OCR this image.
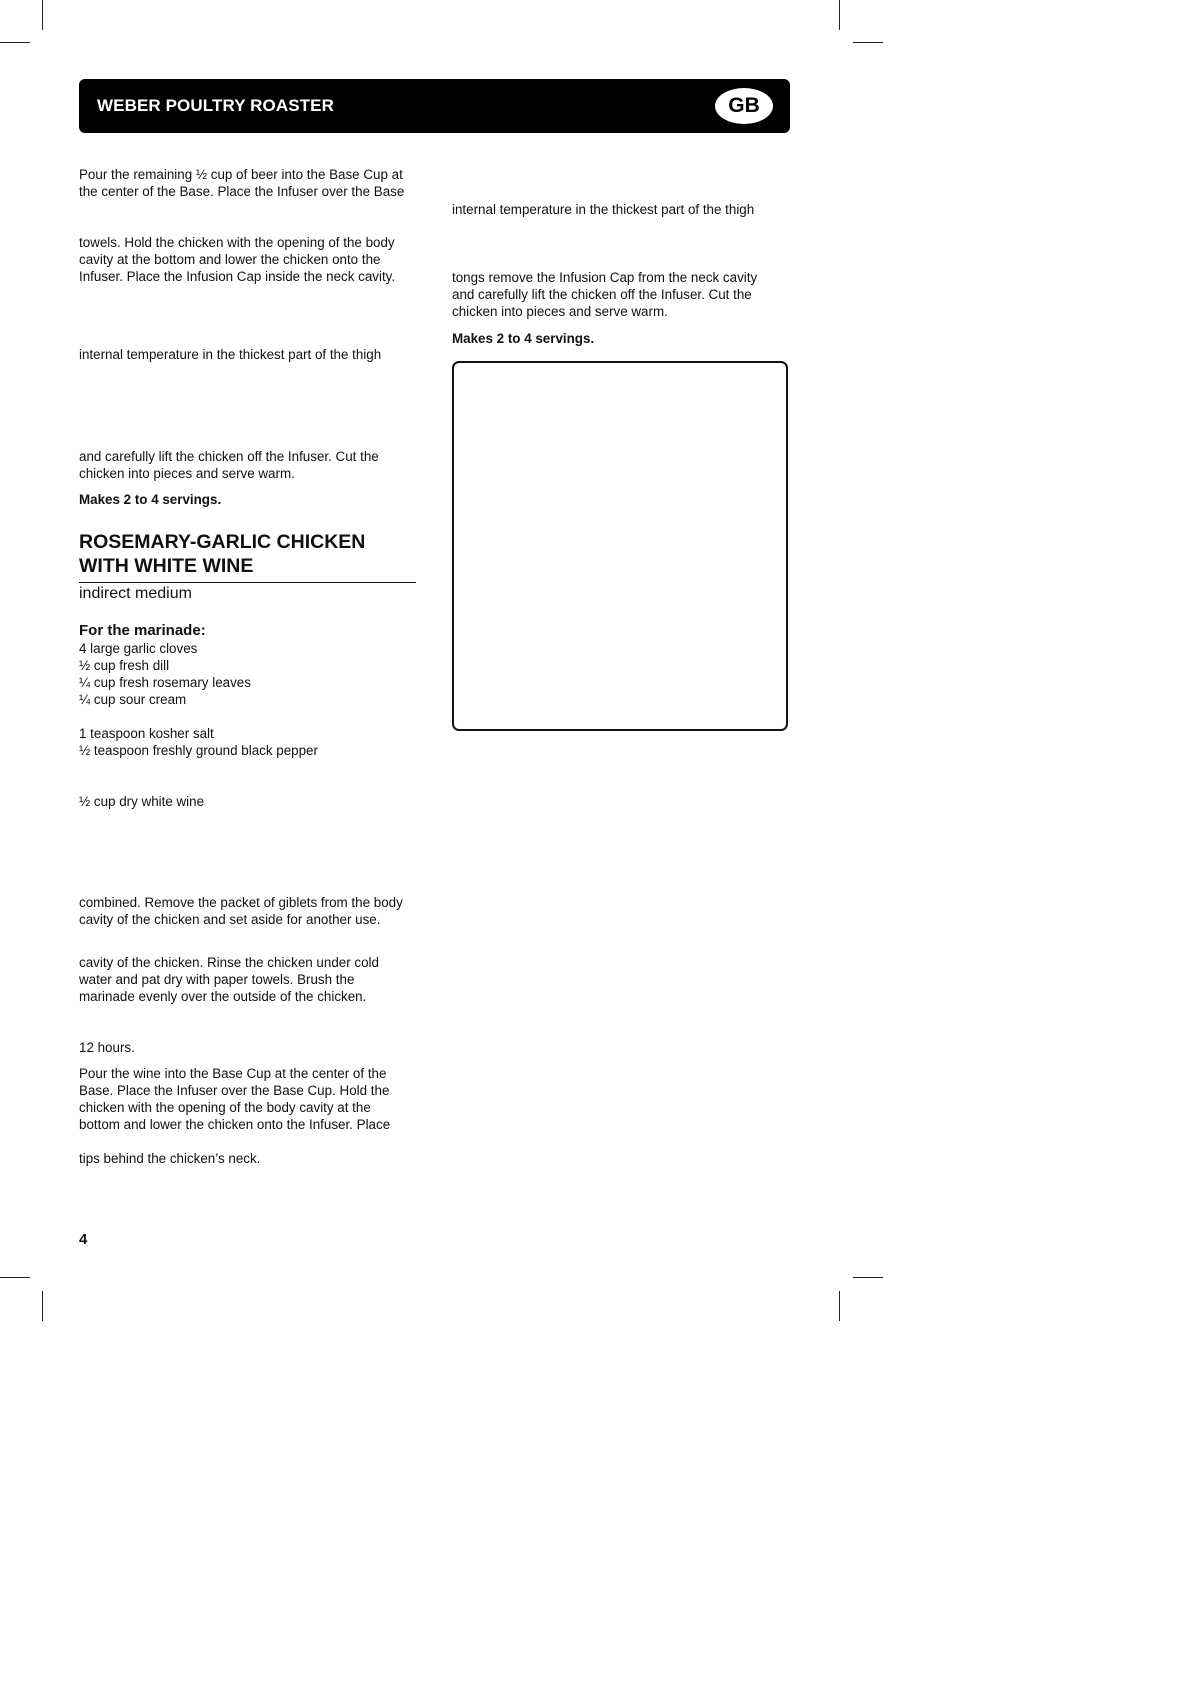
WEBER POULTRY ROASTER	GB
Pour the remaining ½ cup of beer into the Base Cup at
the center of the Base. Place the Infuser over the Base
towels. Hold the chicken with the opening of the body
cavity at the bottom and lower the chicken onto the
Infuser. Place the Infusion Cap inside the neck cavity.
internal temperature in the thickest part of the thigh
and carefully lift the chicken off the Infuser. Cut the
chicken into pieces and serve warm.
Makes 2 to 4 servings.
ROSEMARY-GARLIC CHICKEN
WITH WHITE WINE
indirect medium
For the marinade:
4 large garlic cloves
½ cup fresh dill
¼ cup fresh rosemary leaves
¼ cup sour cream
1 teaspoon kosher salt
½ teaspoon freshly ground black pepper
½ cup dry white wine
combined. Remove the packet of giblets from the body
cavity of the chicken and set aside for another use.
cavity of the chicken. Rinse the chicken under cold
water and pat dry with paper towels. Brush the
marinade evenly over the outside of the chicken.
12 hours.
Pour the wine into the Base Cup at the center of the
Base. Place the Infuser over the Base Cup. Hold the
chicken with the opening of the body cavity at the
bottom and lower the chicken onto the Infuser. Place
tips behind the chicken’s neck.
internal temperature in the thickest part of the thigh
tongs remove the Infusion Cap from the neck cavity
and carefully lift the chicken off the Infuser. Cut the
chicken into pieces and serve warm.
Makes 2 to 4 servings.
4
